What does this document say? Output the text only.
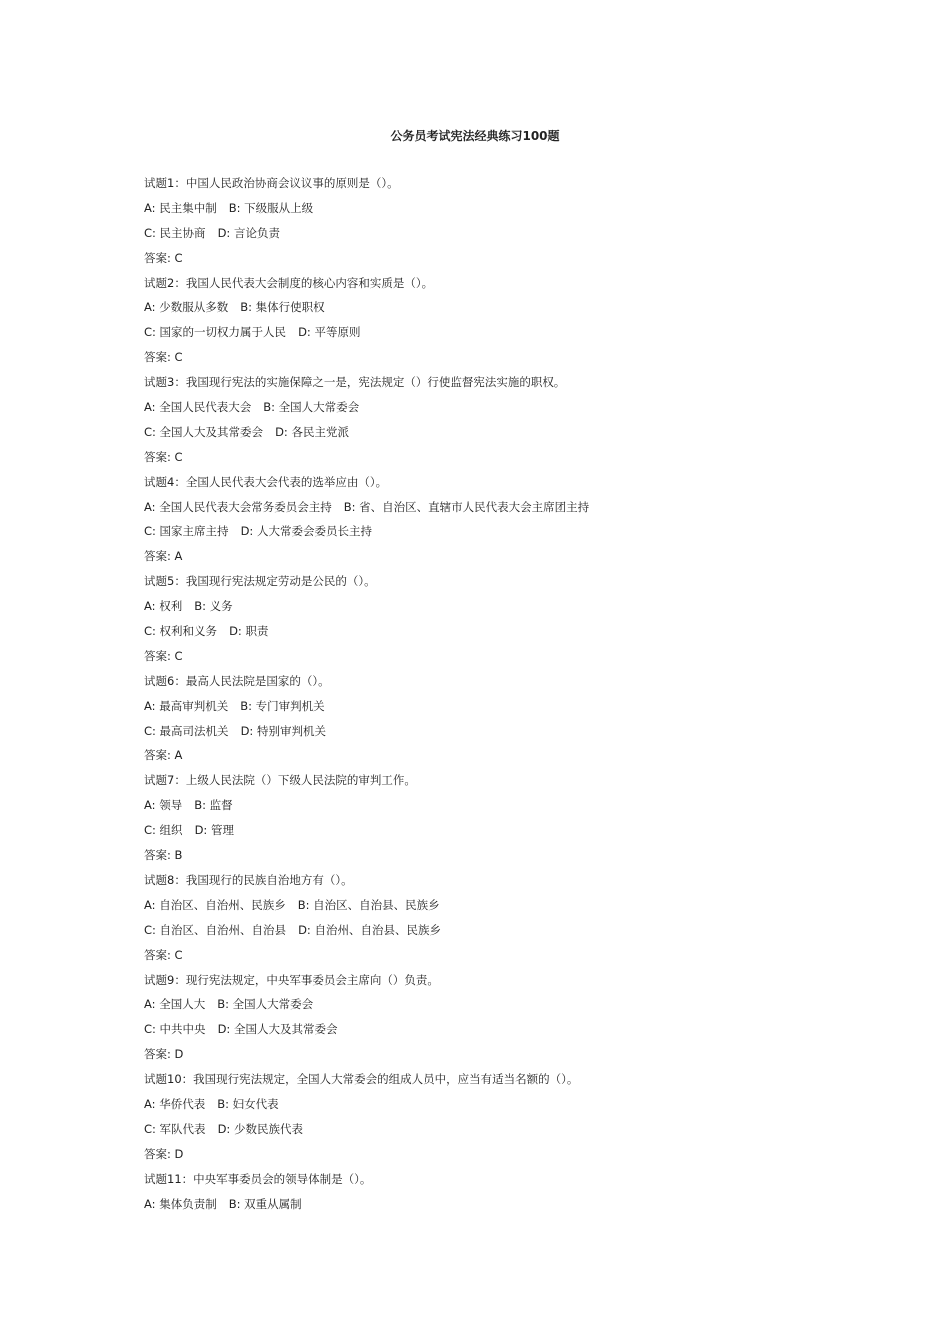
公务员考试宪法经典练习100题
试题1：中国人民政治协商会议议事的原则是（）。
A: 民主集中制 B: 下级服从上级
C: 民主协商 D: 言论负责
答案: C
试题2：我国人民代表大会制度的核心内容和实质是（）。
A: 少数服从多数 B: 集体行使职权
C: 国家的一切权力属于人民 D: 平等原则
答案: C
试题3：我国现行宪法的实施保障之一是，宪法规定（）行使监督宪法实施的职权。
A: 全国人民代表大会 B: 全国人大常委会
C: 全国人大及其常委会 D: 各民主党派
答案: C
试题4：全国人民代表大会代表的选举应由（）。
A: 全国人民代表大会常务委员会主持 B: 省、自治区、直辖市人民代表大会主席团主持
C: 国家主席主持 D: 人大常委会委员长主持
答案: A
试题5：我国现行宪法规定劳动是公民的（）。
A: 权利 B: 义务
C: 权利和义务 D: 职责
答案: C
试题6：最高人民法院是国家的（）。
A: 最高审判机关 B: 专门审判机关
C: 最高司法机关 D: 特别审判机关
答案: A
试题7：上级人民法院（）下级人民法院的审判工作。
A: 领导 B: 监督
C: 组织 D: 管理
答案: B
试题8：我国现行的民族自治地方有（）。
A: 自治区、自治州、民族乡 B: 自治区、自治县、民族乡
C: 自治区、自治州、自治县 D: 自治州、自治县、民族乡
答案: C
试题9：现行宪法规定，中央军事委员会主席向（）负责。
A: 全国人大 B: 全国人大常委会
C: 中共中央 D: 全国人大及其常委会
答案: D
试题10：我国现行宪法规定，全国人大常委会的组成人员中，应当有适当名额的（）。
A: 华侨代表 B: 妇女代表
C: 军队代表 D: 少数民族代表
答案: D
试题11：中央军事委员会的领导体制是（）。
A: 集体负责制 B: 双重从属制
